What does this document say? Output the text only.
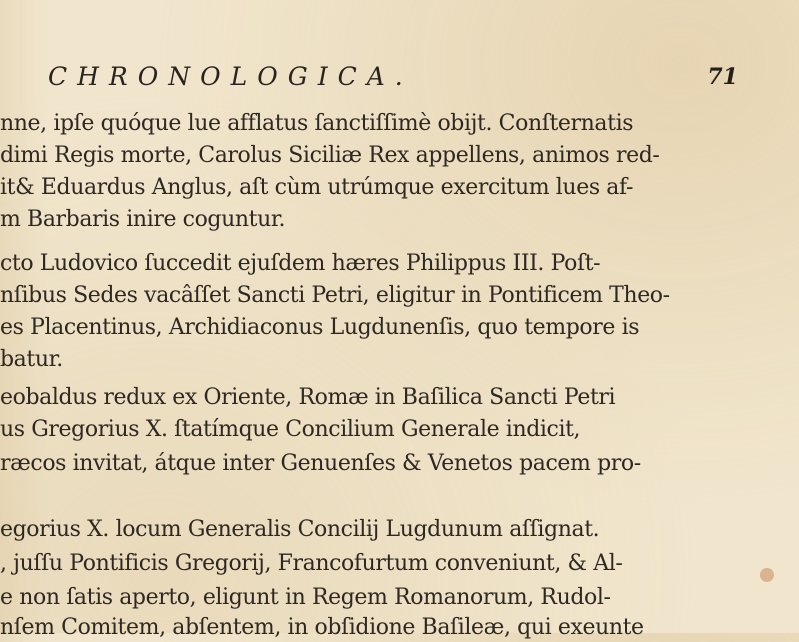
CHRONOLOGICA.	71
nne, ipſe quóque lue afflatus ſanctiſſimè obijt. Conſternatis
dimi Regis morte, Carolus Siciliæ Rex appellens, animos red-
it& Eduardus Anglus, aſt cùm utrúmque exercitum lues af-
m Barbaris inire coguntur.
cto Ludovico ſuccedit ejuſdem hæres Philippus III. Poſt-
nſibus Sedes vacâſſet Sancti Petri, eligitur in Pontificem Theo-
es Placentinus, Archidiaconus Lugdunenſis, quo tempore is
batur.
eobaldus redux ex Oriente, Romæ in Baſilica Sancti Petri
us Gregorius X. ſtatímque Concilium Generale indicit,
ræcos invitat, átque inter Genuenſes & Venetos pacem pro-
egorius X. locum Generalis Concilij Lugdunum aſſignat.
, juſſu Pontificis Gregorij, Francofurtum conveniunt, & Al-
e non ſatis aperto, eligunt in Regem Romanorum, Rudol-
nſem Comitem, abſentem, in obſidione Baſileæ, qui exeunte
